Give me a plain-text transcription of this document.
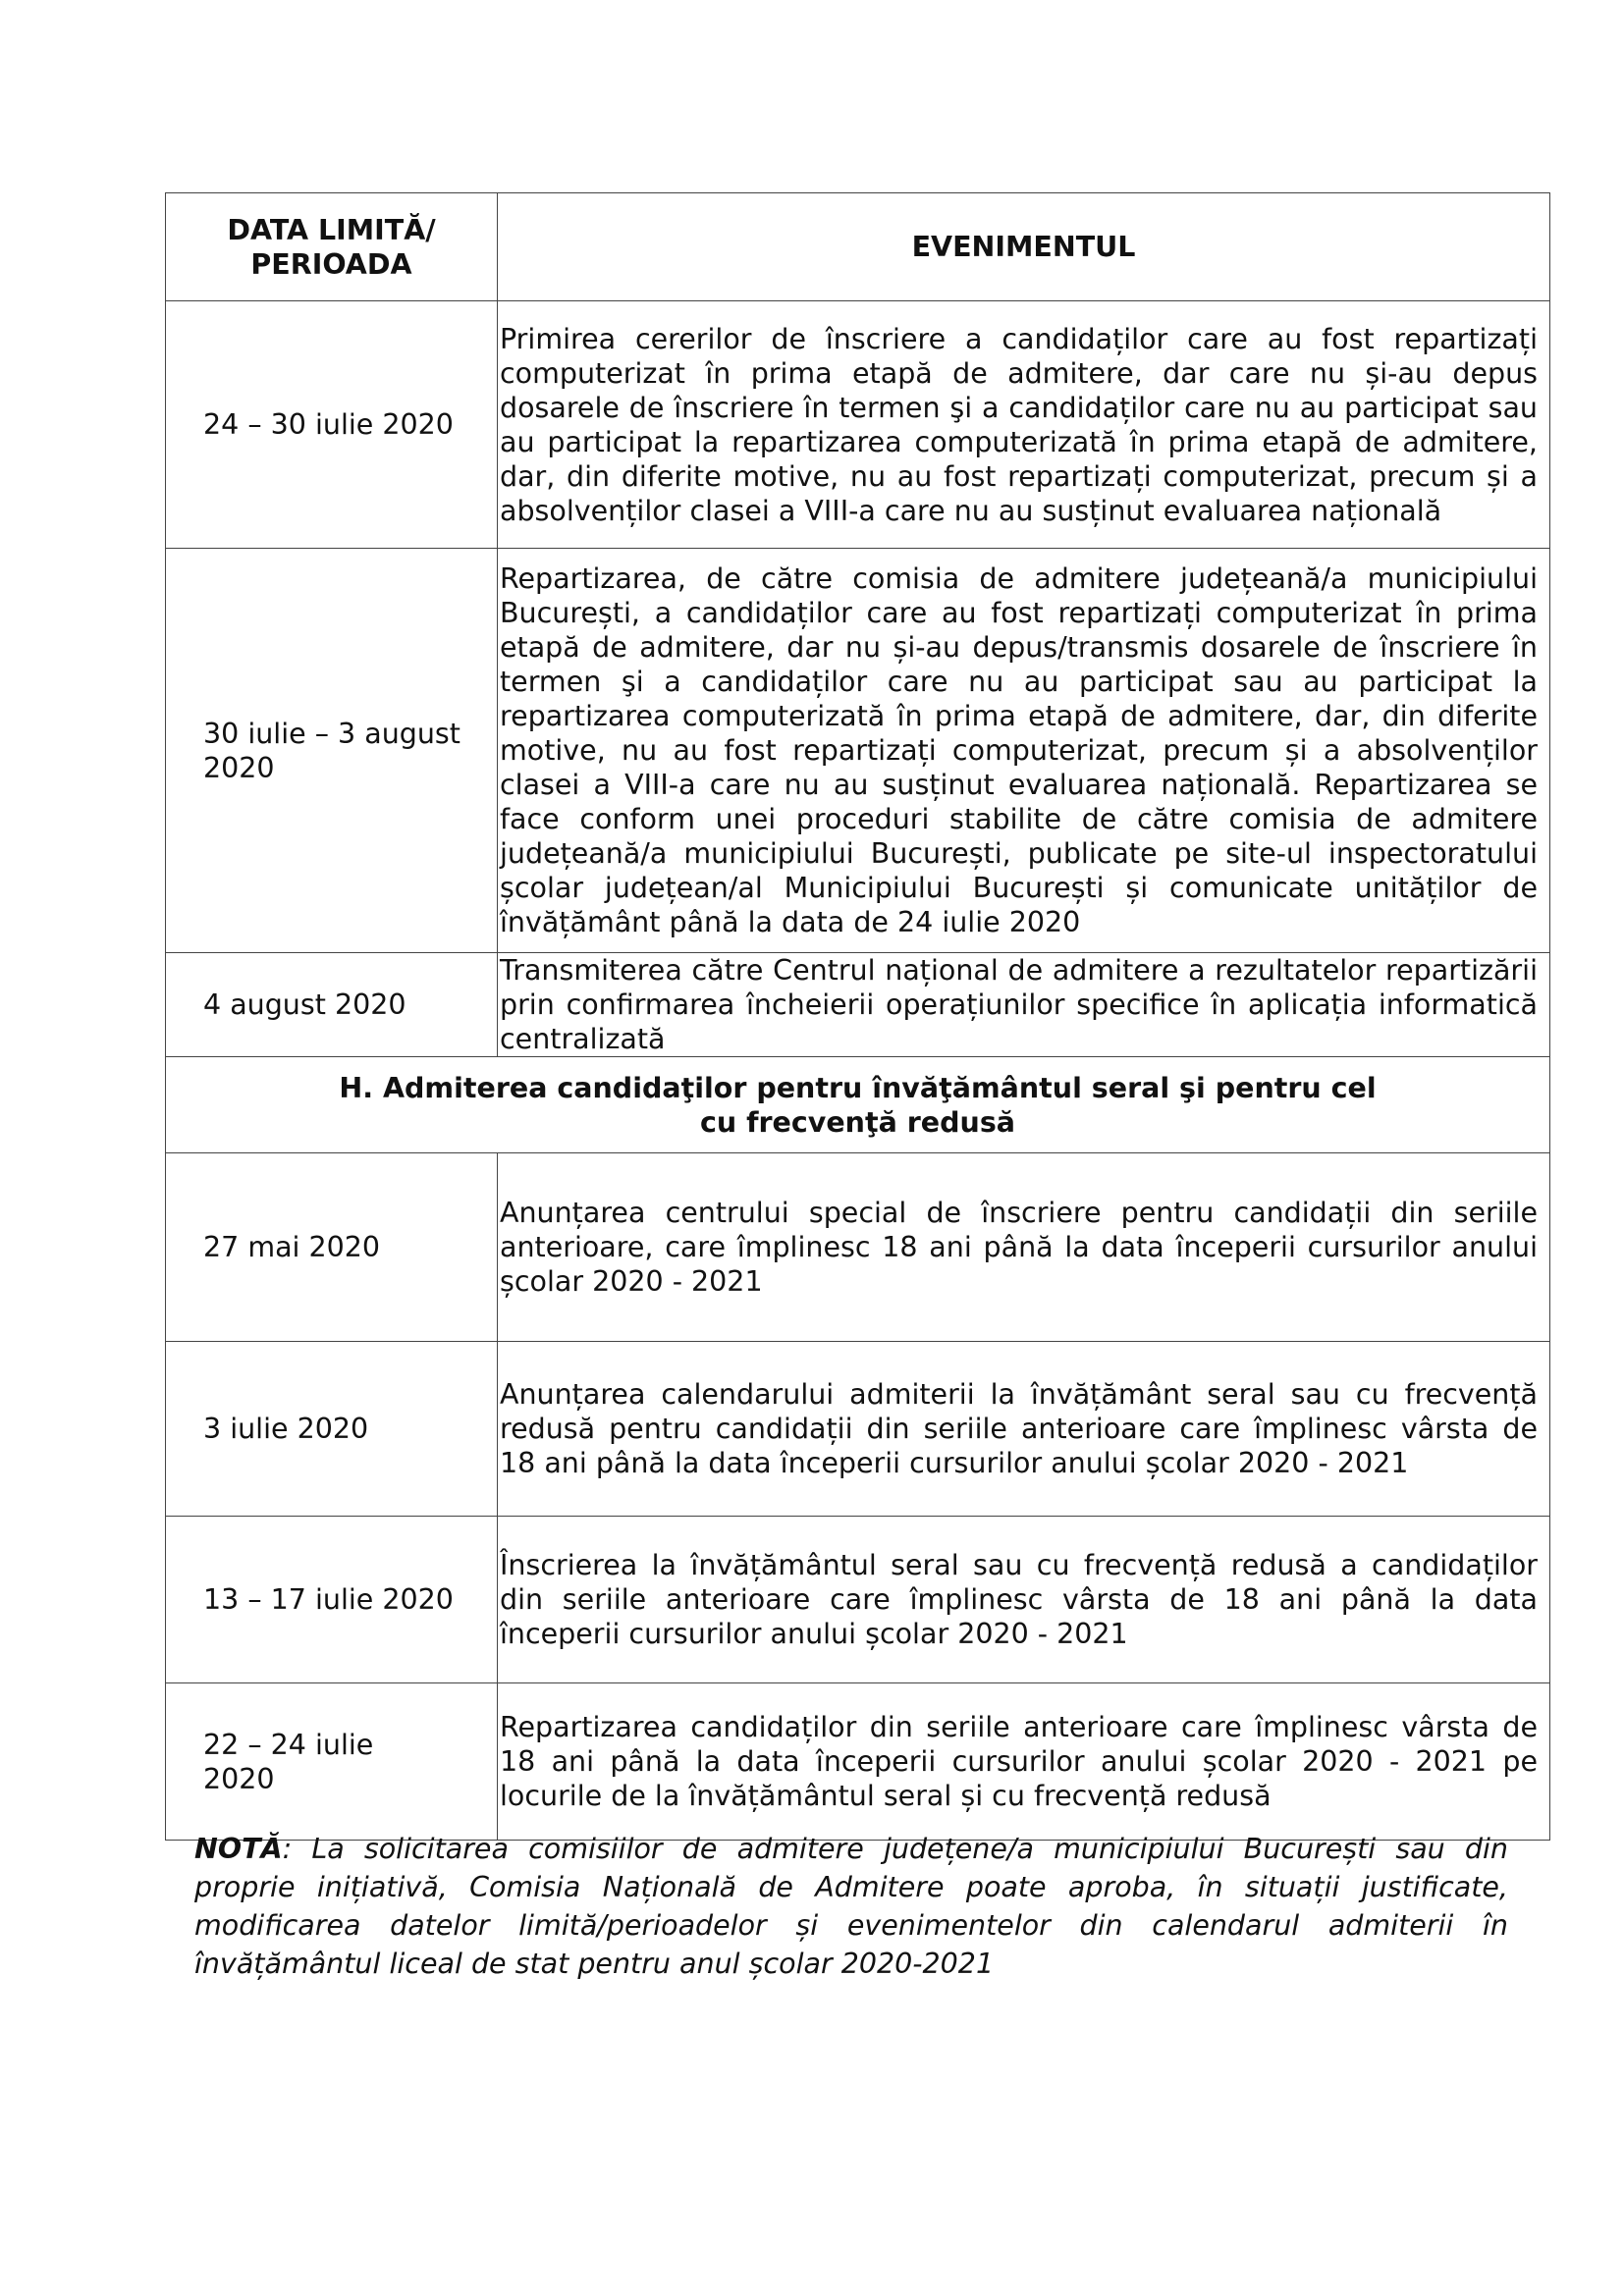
DATA LIMITĂ/
PERIOADA	EVENIMENTUL
24 – 30 iulie 2020	Primirea cererilor de înscriere a candidaților care au fost repartizați computerizat în prima etapă de admitere, dar care nu și-au depus dosarele de înscriere în termen şi a candidaților care nu au participat sau au participat la repartizarea computerizată în prima etapă de admitere, dar, din diferite motive, nu au fost repartizați computerizat, precum și a absolvenților clasei a VIII-a care nu au susținut evaluarea națională
30 iulie – 3 august 2020	Repartizarea, de către comisia de admitere județeană/a municipiului București, a candidaților care au fost repartizați computerizat în prima etapă de admitere, dar nu și-au depus/transmis dosarele de înscriere în termen şi a candidaților care nu au participat sau au participat la repartizarea computerizată în prima etapă de admitere, dar, din diferite motive, nu au fost repartizați computerizat, precum și a absolvenților clasei a VIII-a care nu au susținut evaluarea națională. Repartizarea se face conform unei proceduri stabilite de către comisia de admitere județeană/a municipiului București, publicate pe site-ul inspectoratului școlar județean/al Municipiului București și comunicate unităților de învățământ până la data de 24 iulie 2020
4 august 2020	Transmiterea către Centrul național de admitere a rezultatelor repartizării prin confirmarea încheierii operațiunilor specifice în aplicația informatică centralizată

H. Admiterea candidaţilor pentru învăţământul seral şi pentru cel
cu frecvenţă redusă	

27 mai 2020	Anunțarea centrului special de înscriere pentru candidații din seriile anterioare, care împlinesc 18 ani până la data începerii cursurilor anului școlar 2020 - 2021
3 iulie 2020	Anunțarea calendarului admiterii la învățământ seral sau cu frecvență redusă pentru candidații din seriile anterioare care împlinesc vârsta de 18 ani până la data începerii cursurilor anului școlar 2020 - 2021
13 – 17 iulie 2020	Înscrierea la învățământul seral sau cu frecvență redusă a candidaților din seriile anterioare care împlinesc vârsta de 18 ani până la data începerii cursurilor anului școlar 2020 - 2021
22 – 24 iulie 2020	Repartizarea candidaților din seriile anterioare care împlinesc vârsta de 18 ani până la data începerii cursurilor anului școlar 2020 - 2021 pe locurile de la învățământul seral și cu frecvență redusă
NOTĂ: La solicitarea comisiilor de admitere județene/a municipiului București sau din proprie inițiativă, Comisia Națională de Admitere poate aproba, în situații justificate, modificarea datelor limită/perioadelor și evenimentelor din calendarul admiterii în învățământul liceal de stat pentru anul școlar 2020-2021
